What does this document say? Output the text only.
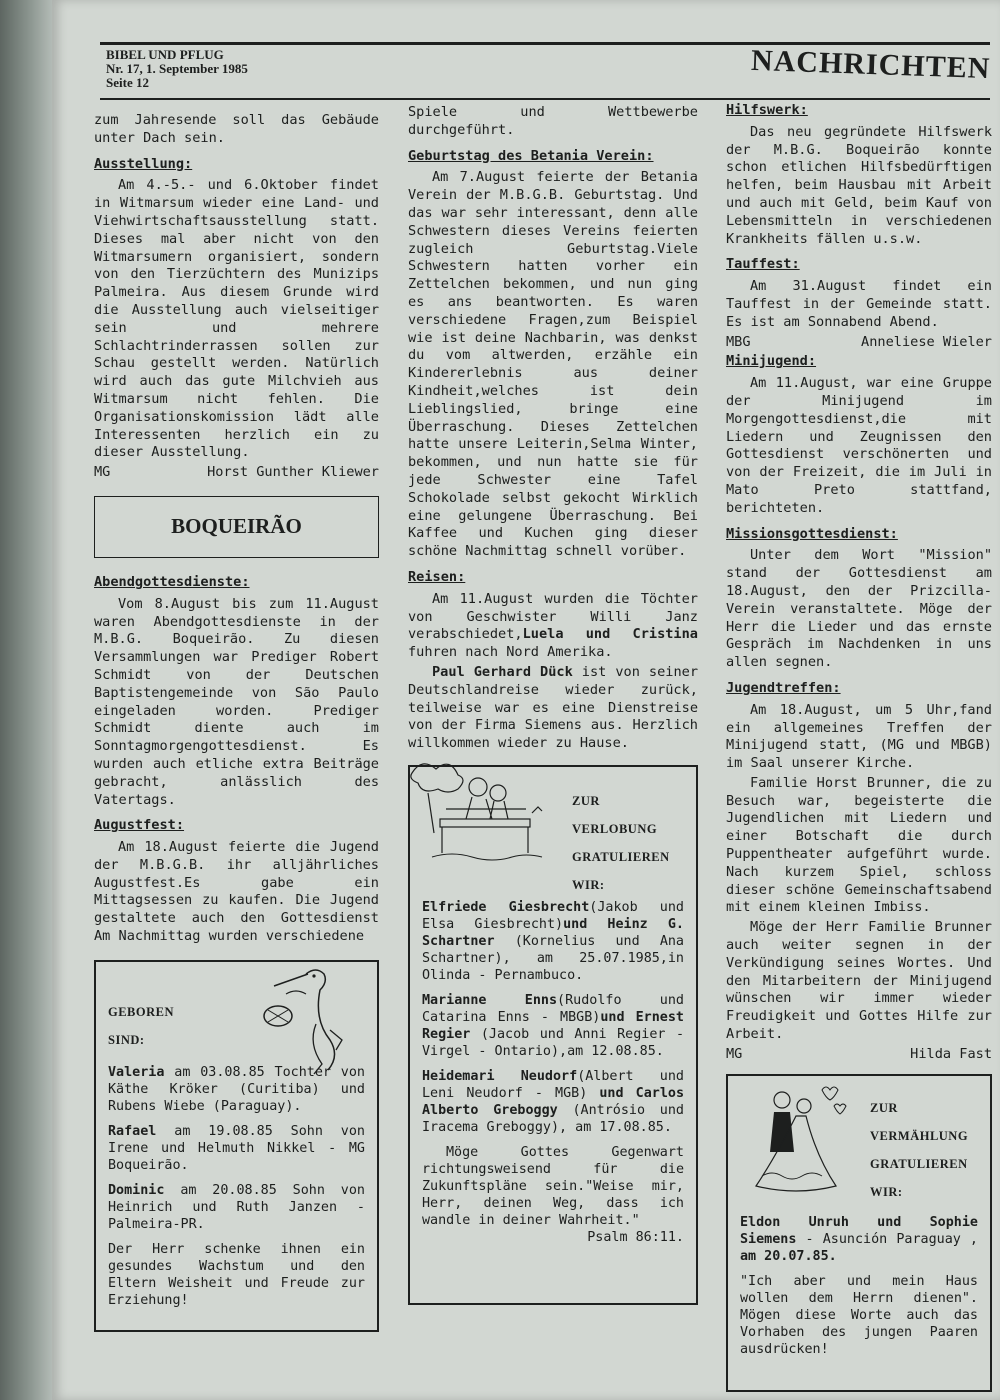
BIBEL UND PFLUG
Nr. 17, 1. September 1985
Seite 12	NACHRICHTEN

zum Jahresende soll das Gebäude unter Dach sein.

Ausstellung:

Am 4.-5.- und 6.Oktober findet in Witmarsum wieder eine Land- und Viehwirtschaftsausstellung statt. Dieses mal aber nicht von den Witmarsumern organisiert, sondern von den Tierzüchtern des Munizips Palmeira. Aus diesem Grunde wird die Ausstellung auch vielseitiger sein und mehrere Schlachtrinderrassen sollen zur Schau gestellt werden. Natürlich wird auch das gute Milchvieh aus Witmarsum nicht fehlen. Die Organisationskomission lädt alle Interessenten herzlich ein zu dieser Ausstellung.

MG	Horst Gunther Kliewer
BOQUEIRÃO
Abendgottesdienste:

Vom 8.August bis zum 11.August waren Abendgottesdienste in der M.B.G. Boqueirão. Zu diesen Versammlungen war Prediger Robert Schmidt von der Deutschen Baptistengemeinde von São Paulo eingeladen worden. Prediger Schmidt diente auch im Sonntagmorgengottesdienst. Es wurden auch etliche extra Beiträge gebracht, anlässlich des Vatertags.

Augustfest:

Am 18.August feierte die Jugend der M.B.G.B. ihr alljährliches Augustfest.Es gabe ein Mittagsessen zu kaufen. Die Jugend gestaltete auch den Gottesdienst Am Nachmittag wurden verschiedene

GEBOREN
SIND:

Valeria am 03.08.85 Tochter von Käthe Kröker (Curitiba) und Rubens Wiebe (Paraguay).

Rafael am 19.08.85 Sohn von Irene und Helmuth Nikkel - MG Boqueirão.

Dominic am 20.08.85 Sohn von Heinrich und Ruth Janzen - Palmeira-PR.

Der Herr schenke ihnen ein gesundes Wachstum und den Eltern Weisheit und Freude zur Erziehung!

Spiele und Wettbewerbe durchgeführt.

Geburtstag des Betania Verein:

Am 7.August feierte der Betania Verein der M.B.G.B. Geburtstag. Und das war sehr interessant, denn alle Schwestern dieses Vereins feierten zugleich Geburtstag.Viele Schwestern hatten vorher ein Zettelchen bekommen, und nun ging es ans beantworten. Es waren verschiedene Fragen,zum Beispiel wie ist deine Nachbarin, was denkst du vom altwerden, erzähle ein Kindererlebnis aus deiner Kindheit,welches ist dein Lieblingslied, bringe eine Überraschung. Dieses Zettelchen hatte unsere Leiterin,Selma Winter, bekommen, und nun hatte sie für jede Schwester eine Tafel Schokolade selbst gekocht Wirklich eine gelungene Überraschung. Bei Kaffee und Kuchen ging dieser schöne Nachmittag schnell vorüber.

Reisen:

Am 11.August wurden die Töchter von Geschwister Willi Janz verabschiedet,Luela und Cristina fuhren nach Nord Amerika.

Paul Gerhard Dück ist von seiner Deutschlandreise wieder zurück, teilweise war es eine Dienstreise von der Firma Siemens aus. Herzlich willkommen wieder zu Hause.

ZUR
VERLOBUNG
GRATULIEREN
WIR:

Elfriede Giesbrecht(Jakob und Elsa Giesbrecht)und Heinz G. Schartner (Kornelius und Ana Schartner), am 25.07.1985,in Olinda - Pernambuco.

Marianne Enns(Rudolfo und Catarina Enns - MBGB)und Ernest Regier (Jacob und Anni Regier - Virgel - Ontario),am 12.08.85.

Heidemari Neudorf(Albert und Leni Neudorf - MGB) und Carlos Alberto Greboggy (Antrósio und Iracema Greboggy), am 17.08.85.

Möge Gottes Gegenwart richtungsweisend für die Zukunftspläne sein."Weise mir, Herr, deinen Weg, dass ich wandle in deiner Wahrheit."

Psalm 86:11.
Hilfswerk:

Das neu gegründete Hilfswerk der M.B.G. Boqueirão konnte schon etlichen Hilfsbedürftigen helfen, beim Hausbau mit Arbeit und auch mit Geld, beim Kauf von Lebensmitteln in verschiedenen Krankheits fällen u.s.w.

Tauffest:

Am 31.August findet ein Tauffest in der Gemeinde statt. Es ist am Sonnabend Abend.

MBG	Anneliese Wieler
Minijugend:

Am 11.August, war eine Gruppe der Minijugend im Morgengottesdienst,die mit Liedern und Zeugnissen den Gottesdienst verschönerten und von der Freizeit, die im Juli in Mato Preto stattfand, berichteten.

Missionsgottesdienst:

Unter dem Wort "Mission" stand der Gottesdienst am 18.August, den der Prizcilla-Verein veranstaltete. Möge der Herr die Lieder und das ernste Gespräch im Nachdenken in uns allen segnen.

Jugendtreffen:

Am 18.August, um 5 Uhr,fand ein allgemeines Treffen der Minijugend statt, (MG und MBGB) im Saal unserer Kirche.

Familie Horst Brunner, die zu Besuch war, begeisterte die Jugendlichen mit Liedern und einer Botschaft die durch Puppentheater aufgeführt wurde. Nach kurzem Spiel, schloss dieser schöne Gemeinschaftsabend mit einem kleinen Imbiss.

Möge der Herr Familie Brunner auch weiter segnen in der Verkündigung seines Wortes. Und den Mitarbeitern der Minijugend wünschen wir immer wieder Freudigkeit und Gottes Hilfe zur Arbeit.

MG	Hilda Fast
ZUR
VERMÄHLUNG
GRATULIEREN
WIR:

Eldon Unruh und Sophie Siemens - Asunción Paraguay , am 20.07.85.

"Ich aber und mein Haus wollen dem Herrn dienen". Mögen diese Worte auch das Vorhaben des jungen Paaren ausdrücken!
